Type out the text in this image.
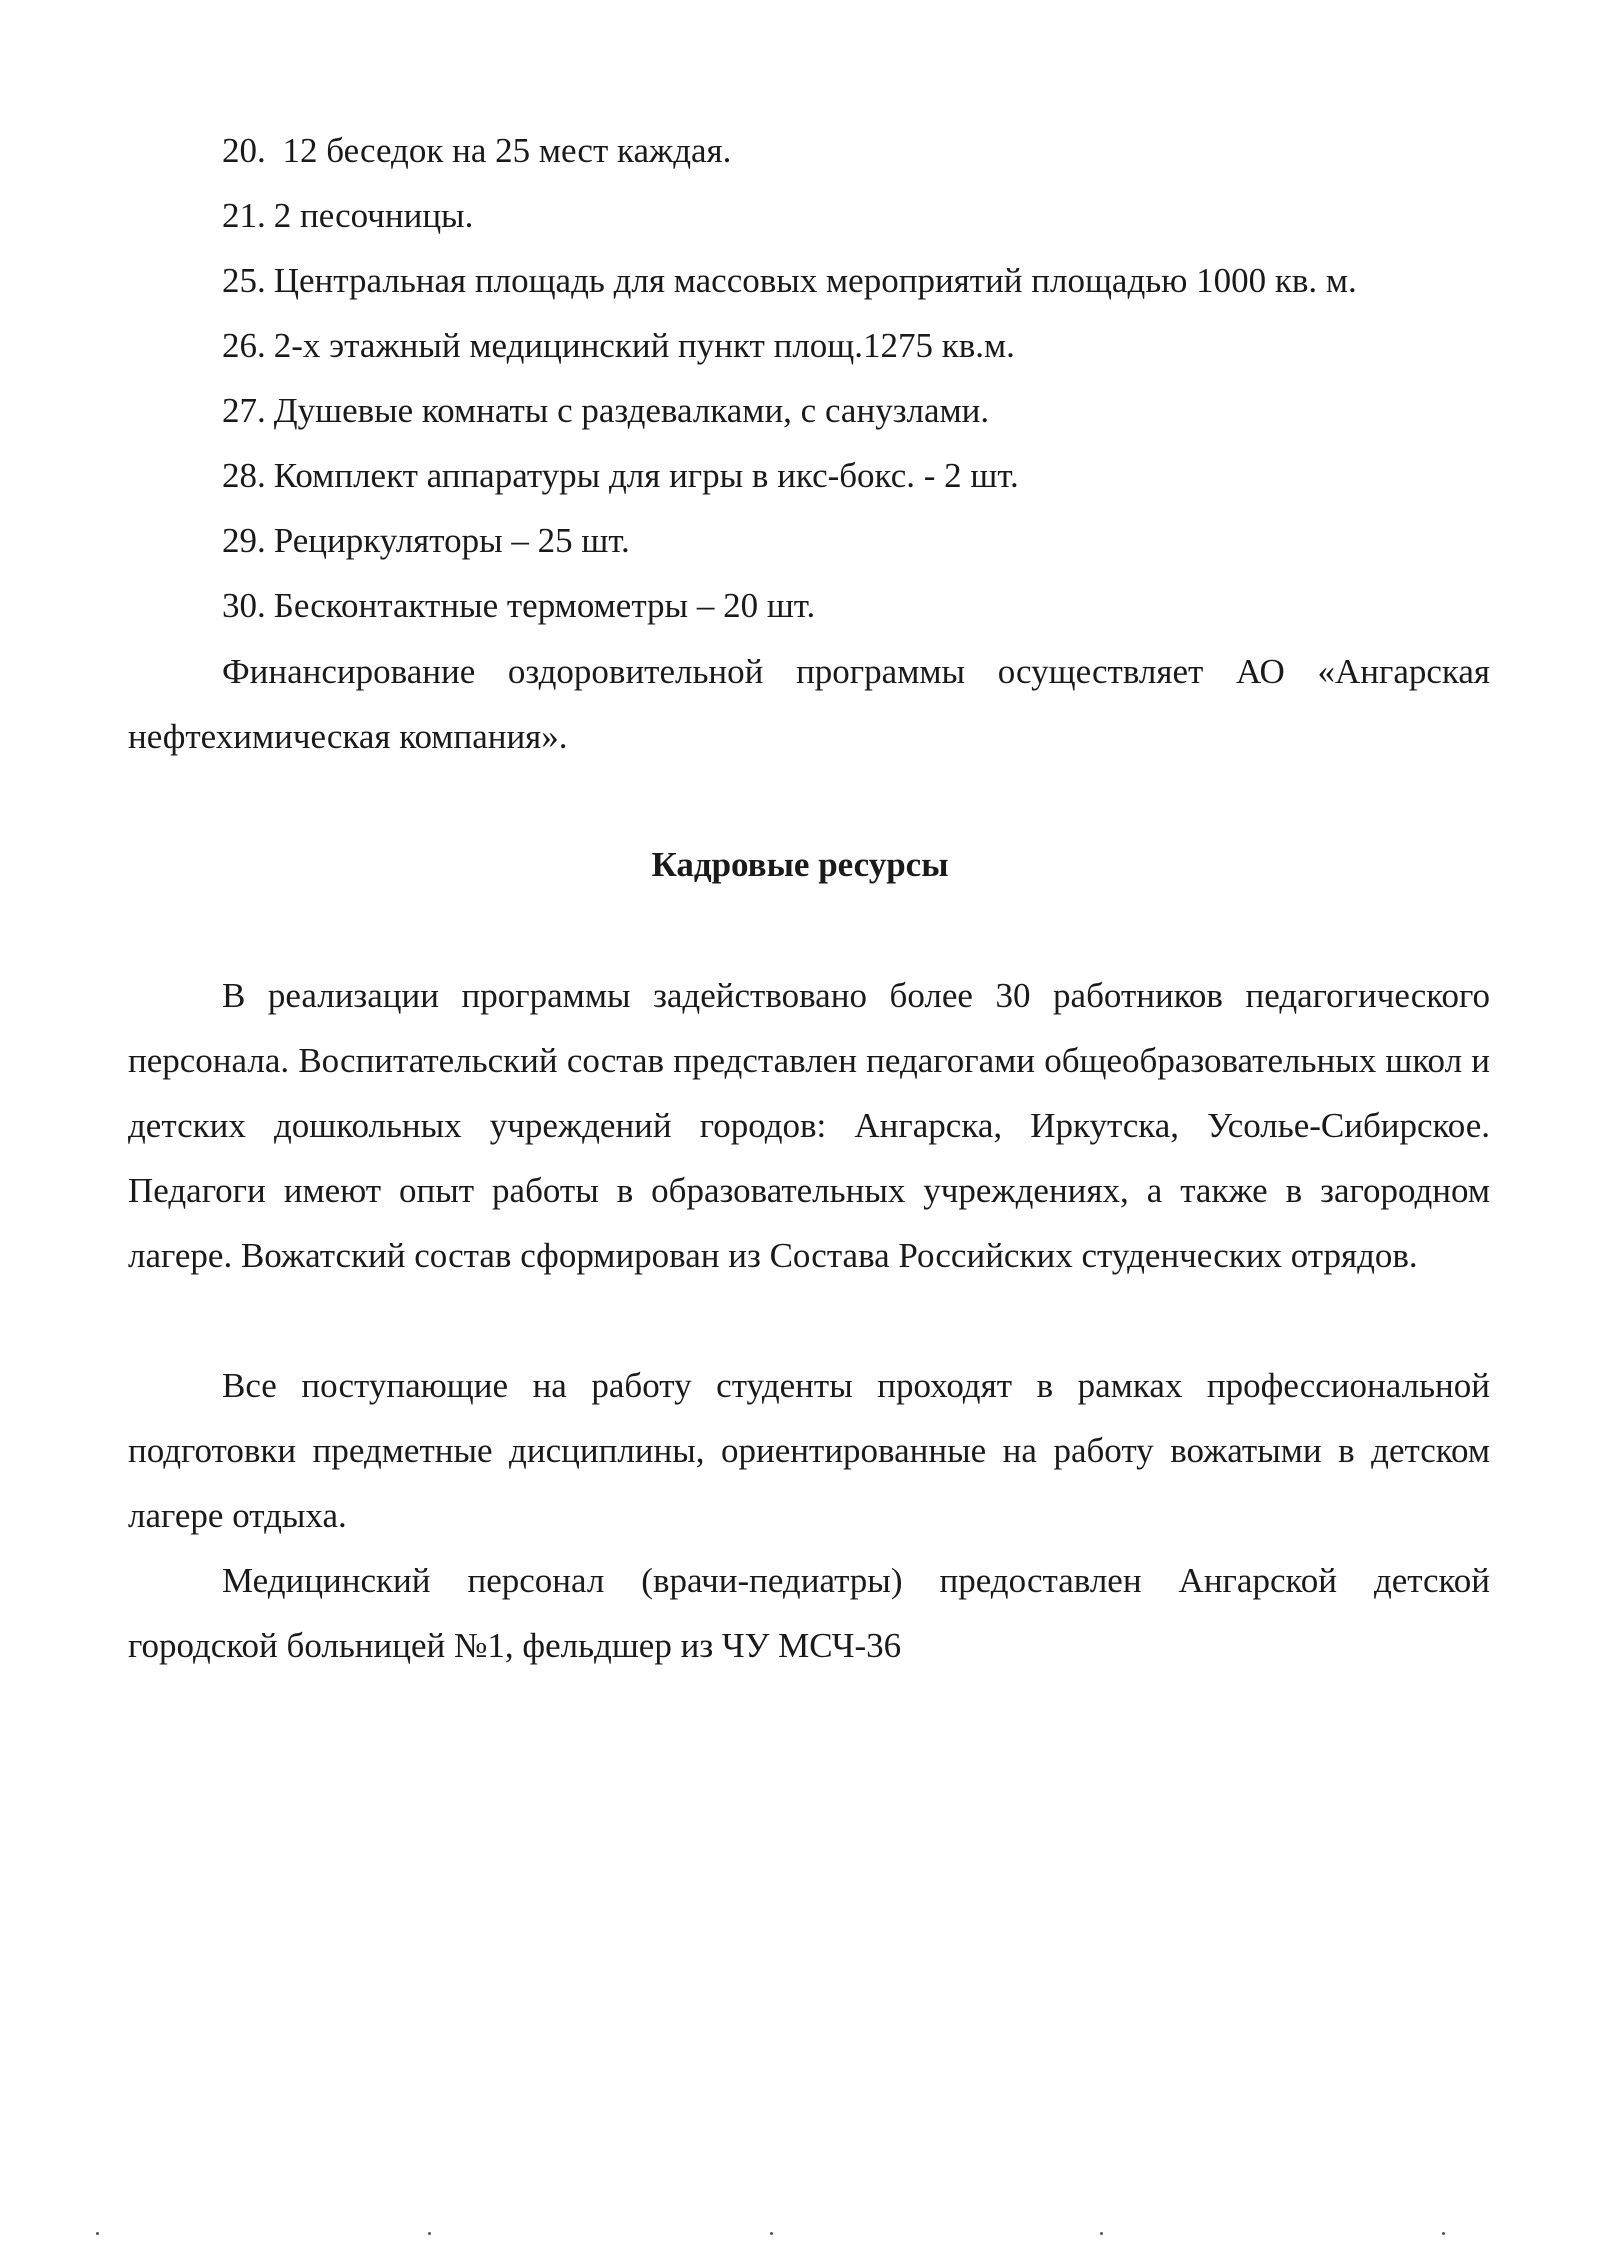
20. 12 беседок на 25 мест каждая.
21. 2 песочницы.
25. Центральная площадь для массовых мероприятий площадью 1000 кв. м.
26. 2-х этажный медицинский пункт площ.1275 кв.м.
27. Душевые комнаты с раздевалками, с санузлами.
28. Комплект аппаратуры для игры в икс-бокс. - 2 шт.
29. Рециркуляторы – 25 шт.
30. Бесконтактные термометры – 20 шт.

Финансирование оздоровительной программы осуществляет АО «Ангарская нефтехимическая компания».

Кадровые ресурсы

В реализации программы задействовано более 30 работников педагогического персонала. Воспитательский состав представлен педагогами общеобразовательных школ и детских дошкольных учреждений городов: Ангарска, Иркутска, Усолье-Сибирское. Педагоги имеют опыт работы в образовательных учреждениях, а также в загородном лагере. Вожатский состав сформирован из Состава Российских студенческих отрядов.

Все поступающие на работу студенты проходят в рамках профессиональной подготовки предметные дисциплины, ориентированные на работу вожатыми в детском лагере отдыха.

Медицинский персонал (врачи-педиатры) предоставлен Ангарской детской городской больницей №1, фельдшер из ЧУ МСЧ-36
